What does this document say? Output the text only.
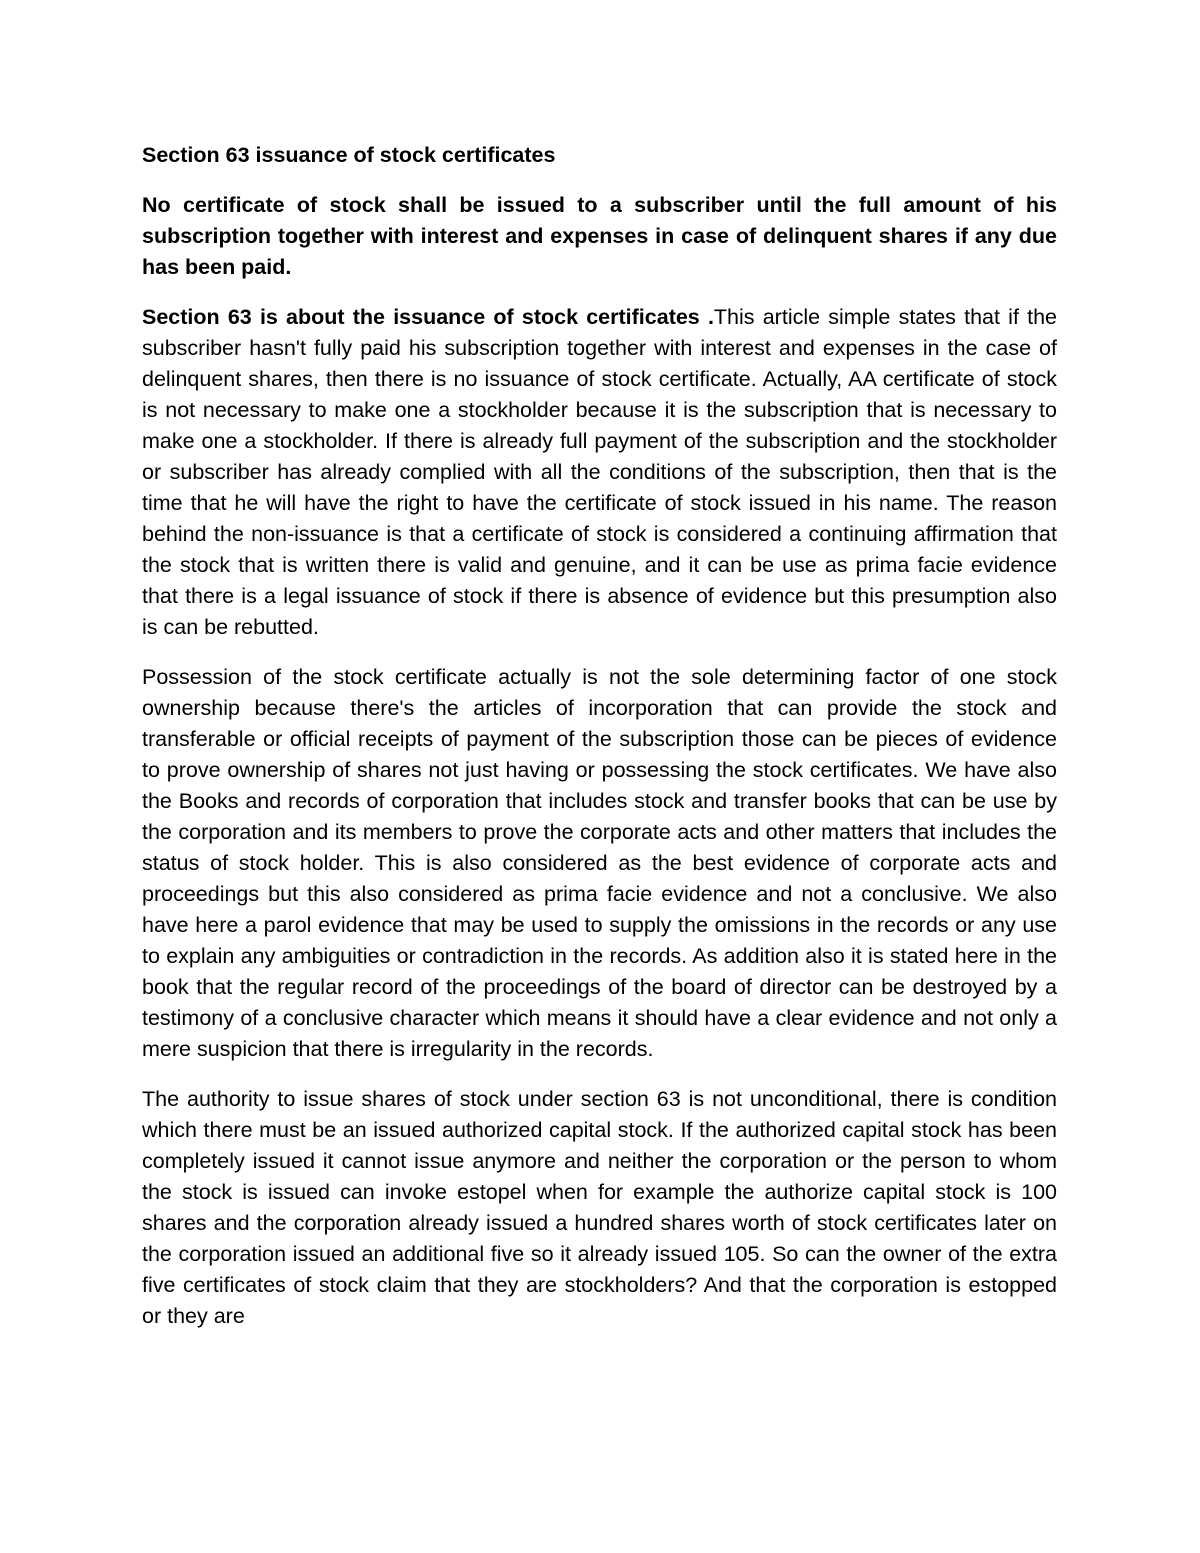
Section 63 issuance of stock certificates

No certificate of stock shall be issued to a subscriber until the full amount of his subscription together with interest and expenses in case of delinquent shares if any due has been paid.

Section 63 is about the issuance of stock certificates .This article simple states that if the subscriber hasn't fully paid his subscription together with interest and expenses in the case of delinquent shares, then there is no issuance of stock certificate. Actually, AA certificate of stock is not necessary to make one a stockholder because it is the subscription that is necessary to make one a stockholder. If there is already full payment of the subscription and the stockholder or subscriber has already complied with all the conditions of the subscription, then that is the time that he will have the right to have the certificate of stock issued in his name. The reason behind the non-issuance is that a certificate of stock is considered a continuing affirmation that the stock that is written there is valid and genuine, and it can be use as prima facie evidence that there is a legal issuance of stock if there is absence of evidence but this presumption also is can be rebutted.

Possession of the stock certificate actually is not the sole determining factor of one stock ownership because there's the articles of incorporation that can provide the stock and transferable or official receipts of payment of the subscription those can be pieces of evidence to prove ownership of shares not just having or possessing the stock certificates. We have also the Books and records of corporation that includes stock and transfer books that can be use by the corporation and its members to prove the corporate acts and other matters that includes the status of stock holder. This is also considered as the best evidence of corporate acts and proceedings but this also considered as prima facie evidence and not a conclusive. We also have here a parol evidence that may be used to supply the omissions in the records or any use to explain any ambiguities or contradiction in the records. As addition also it is stated here in the book that the regular record of the proceedings of the board of director can be destroyed by a testimony of a conclusive character which means it should have a clear evidence and not only a mere suspicion that there is irregularity in the records.

The authority to issue shares of stock under section 63 is not unconditional, there is condition which there must be an issued authorized capital stock. If the authorized capital stock has been completely issued it cannot issue anymore and neither the corporation or the person to whom the stock is issued can invoke estopel when for example the authorize capital stock is 100 shares and the corporation already issued a hundred shares worth of stock certificates later on the corporation issued an additional five so it already issued 105. So can the owner of the extra five certificates of stock claim that they are stockholders? And that the corporation is estopped or they are
